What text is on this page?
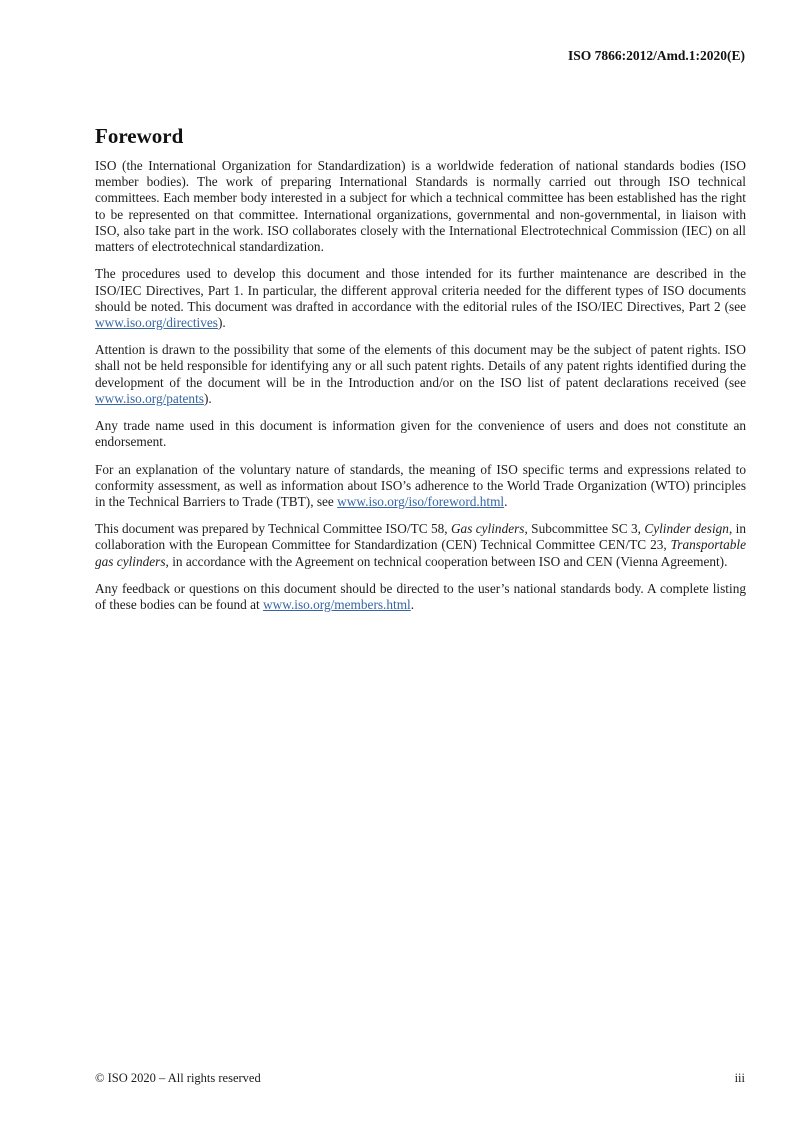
ISO 7866:2012/Amd.1:2020(E)
Foreword

ISO (the International Organization for Standardization) is a worldwide federation of national standards bodies (ISO member bodies). The work of preparing International Standards is normally carried out through ISO technical committees. Each member body interested in a subject for which a technical committee has been established has the right to be represented on that committee. International organizations, governmental and non-governmental, in liaison with ISO, also take part in the work. ISO collaborates closely with the International Electrotechnical Commission (IEC) on all matters of electrotechnical standardization.

The procedures used to develop this document and those intended for its further maintenance are described in the ISO/IEC Directives, Part 1. In particular, the different approval criteria needed for the different types of ISO documents should be noted. This document was drafted in accordance with the editorial rules of the ISO/IEC Directives, Part 2 (see www.iso.org/directives).

Attention is drawn to the possibility that some of the elements of this document may be the subject of patent rights. ISO shall not be held responsible for identifying any or all such patent rights. Details of any patent rights identified during the development of the document will be in the Introduction and/or on the ISO list of patent declarations received (see www.iso.org/patents).

Any trade name used in this document is information given for the convenience of users and does not constitute an endorsement.

For an explanation of the voluntary nature of standards, the meaning of ISO specific terms and expressions related to conformity assessment, as well as information about ISO’s adherence to the World Trade Organization (WTO) principles in the Technical Barriers to Trade (TBT), see www.iso.org/iso/foreword.html.

This document was prepared by Technical Committee ISO/TC 58, Gas cylinders, Subcommittee SC 3, Cylinder design, in collaboration with the European Committee for Standardization (CEN) Technical Committee CEN/TC 23, Transportable gas cylinders, in accordance with the Agreement on technical cooperation between ISO and CEN (Vienna Agreement).

Any feedback or questions on this document should be directed to the user’s national standards body. A complete listing of these bodies can be found at www.iso.org/members.html.

© ISO 2020 – All rights reserved	iii
